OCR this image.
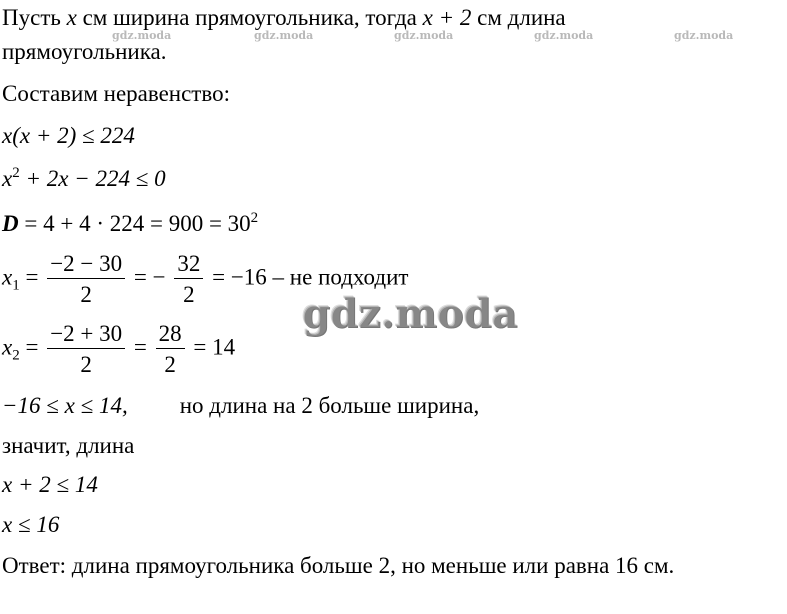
gdz.moda	gdz.moda	gdz.moda	gdz.moda	gdz.moda
Пусть x см ширина прямоугольника, тогда x + 2 см длина
прямоугольника.
Составим неравенство:
x(x + 2) ≤ 224
$x^2 + 2x - 224 \le 0$
$D = 4 + 4 \cdot 224 = 900 = 30^2$
$x_1 = \frac{-2 - 30}{2}$ = − $\frac{32}{2} = -16$ – не подходит
$x_2 = \frac{-2 + 30}{2} = \frac{28}{2} = 14$
−16 ≤ x ≤ 14, но длина на 2 больше ширина,
значит, длина
x + 2 ≤ 14
x ≤ 16
Ответ: длина прямоугольника больше 2, но меньше или равна 16 см.
gdz.moda
